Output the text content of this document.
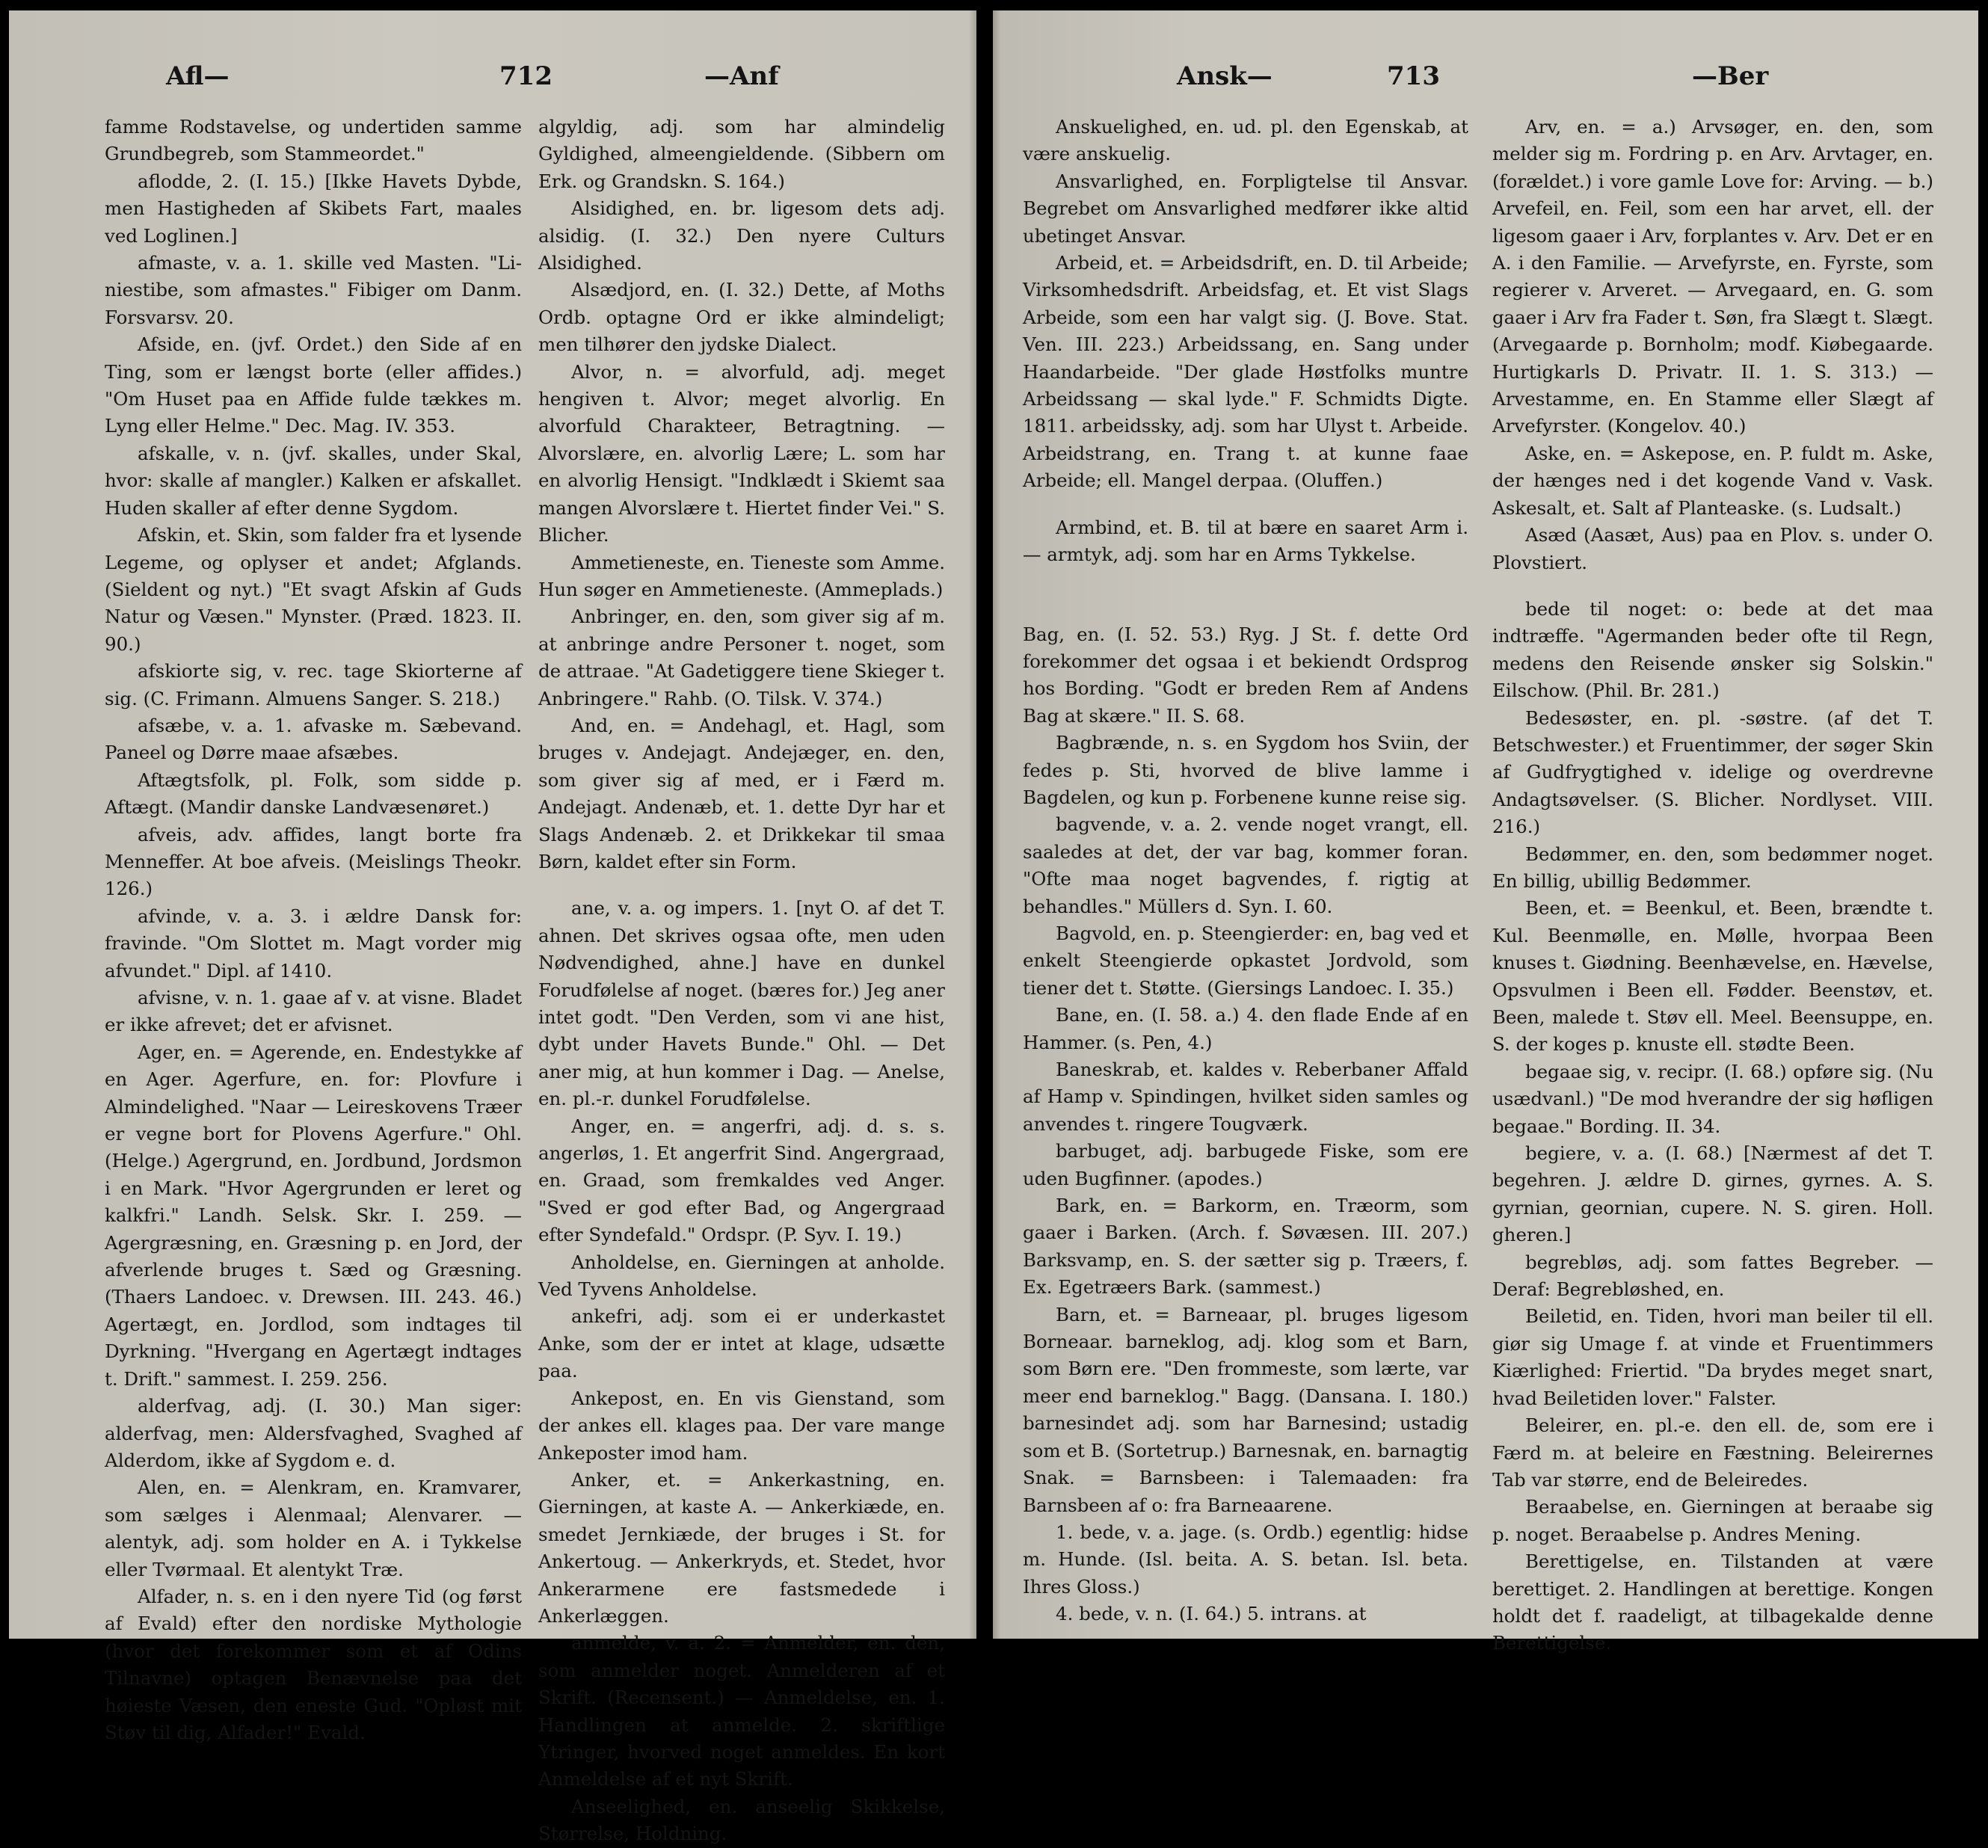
Afl—	712	—Anf

famme Rodstavelse, og undertiden samme Grundbegreb, som Stammeordet."

aflodde, 2. (I. 15.) [Ikke Havets Dybde, men Hastigheden af Skibets Fart, maales ved Loglinen.]

afmaste, v. a. 1. skille ved Masten. "Li-niestibe, som afmastes." Fibiger om Danm. Forsvarsv. 20.

Afside, en. (jvf. Ordet.) den Side af en Ting, som er længst borte (eller affides.) "Om Huset paa en Affide fulde tækkes m. Lyng eller Helme." Dec. Mag. IV. 353.

afskalle, v. n. (jvf. skalles, under Skal, hvor: skalle af mangler.) Kalken er afskallet. Huden skaller af efter denne Sygdom.

Afskin, et. Skin, som falder fra et lysende Legeme, og oplyser et andet; Afglands. (Sieldent og nyt.) "Et svagt Afskin af Guds Natur og Væsen." Mynster. (Præd. 1823. II. 90.)

afskiorte sig, v. rec. tage Skiorterne af sig. (C. Frimann. Almuens Sanger. S. 218.)

afsæbe, v. a. 1. afvaske m. Sæbevand. Paneel og Dørre maae afsæbes.

Aftægtsfolk, pl. Folk, som sidde p. Aftægt. (Mandir danske Landvæsenøret.)

afveis, adv. affides, langt borte fra Menneffer. At boe afveis. (Meislings Theokr. 126.)

afvinde, v. a. 3. i ældre Dansk for: fravinde. "Om Slottet m. Magt vorder mig afvundet." Dipl. af 1410.

afvisne, v. n. 1. gaae af v. at visne. Bladet er ikke afrevet; det er afvisnet.

Ager, en. = Agerende, en. Endestykke af en Ager. Agerfure, en. for: Plovfure i Almindelighed. "Naar — Leireskovens Træer er vegne bort for Plovens Agerfure." Ohl. (Helge.) Agergrund, en. Jordbund, Jordsmon i en Mark. "Hvor Agergrunden er leret og kalkfri." Landh. Selsk. Skr. I. 259. — Agergræsning, en. Græsning p. en Jord, der afverlende bruges t. Sæd og Græsning. (Thaers Landoec. v. Drewsen. III. 243. 46.) Agertægt, en. Jordlod, som indtages til Dyrkning. "Hvergang en Agertægt indtages t. Drift." sammest. I. 259. 256.

alderfvag, adj. (I. 30.) Man siger: alderfvag, men: Aldersfvaghed, Svaghed af Alderdom, ikke af Sygdom e. d.

Alen, en. = Alenkram, en. Kramvarer, som sælges i Alenmaal; Alenvarer. — alentyk, adj. som holder en A. i Tykkelse eller Tvørmaal. Et alentykt Træ.

Alfader, n. s. en i den nyere Tid (og først af Evald) efter den nordiske Mythologie (hvor det forekommer som et af Odins Tilnavne) optagen Benævnelse paa det høieste Væsen, den eneste Gud. "Opløst mit Støv til dig, Alfader!" Evald.

algyldig, adj. som har almindelig Gyldighed, almeengieldende. (Sibbern om Erk. og Grandskn. S. 164.)

Alsidighed, en. br. ligesom dets adj. alsidig. (I. 32.) Den nyere Culturs Alsidighed.

Alsædjord, en. (I. 32.) Dette, af Moths Ordb. optagne Ord er ikke almindeligt; men tilhører den jydske Dialect.

Alvor, n. = alvorfuld, adj. meget hengiven t. Alvor; meget alvorlig. En alvorfuld Charakteer, Betragtning. — Alvorslære, en. alvorlig Lære; L. som har en alvorlig Hensigt. "Indklædt i Skiemt saa mangen Alvorslære t. Hiertet finder Vei." S. Blicher.

Ammetieneste, en. Tieneste som Amme. Hun søger en Ammetieneste. (Ammeplads.)

Anbringer, en. den, som giver sig af m. at anbringe andre Personer t. noget, som de attraae. "At Gadetiggere tiene Skieger t. Anbringere." Rahb. (O. Tilsk. V. 374.)

And, en. = Andehagl, et. Hagl, som bruges v. Andejagt. Andejæger, en. den, som giver sig af med, er i Færd m. Andejagt. Andenæb, et. 1. dette Dyr har et Slags Andenæb. 2. et Drikkekar til smaa Børn, kaldet efter sin Form.

ane, v. a. og impers. 1. [nyt O. af det T. ahnen. Det skrives ogsaa ofte, men uden Nødvendighed, ahne.] have en dunkel Forudfølelse af noget. (bæres for.) Jeg aner intet godt. "Den Verden, som vi ane hist, dybt under Havets Bunde." Ohl. — Det aner mig, at hun kommer i Dag. — Anelse, en. pl.-r. dunkel Forudfølelse.

Anger, en. = angerfri, adj. d. s. s. angerløs, 1. Et angerfrit Sind. Angergraad, en. Graad, som fremkaldes ved Anger. "Sved er god efter Bad, og Angergraad efter Syndefald." Ordspr. (P. Syv. I. 19.)

Anholdelse, en. Gierningen at anholde. Ved Tyvens Anholdelse.

ankefri, adj. som ei er underkastet Anke, som der er intet at klage, udsætte paa.

Ankepost, en. En vis Gienstand, som der ankes ell. klages paa. Der vare mange Ankeposter imod ham.

Anker, et. = Ankerkastning, en. Gierningen, at kaste A. — Ankerkiæde, en. smedet Jernkiæde, der bruges i St. for Ankertoug. — Ankerkryds, et. Stedet, hvor Ankerarmene ere fastsmedede i Ankerlæggen.

anmelde, v. a. 2. = Anmelder, en. den, som anmelder noget. Anmelderen af et Skrift. (Recensent.) — Anmeldelse, en. 1. Handlingen at anmelde. 2. skriftlige Ytringer, hvorved noget anmeldes. En kort Anmeldelse af et nyt Skrift.

Anseelighed, en. anseelig Skikkelse, Størrelse, Holdning.

Ansk—	713	—Ber

Anskuelighed, en. ud. pl. den Egenskab, at være anskuelig.

Ansvarlighed, en. Forpligtelse til Ansvar. Begrebet om Ansvarlighed medfører ikke altid ubetinget Ansvar.

Arbeid, et. = Arbeidsdrift, en. D. til Arbeide; Virksomhedsdrift. Arbeidsfag, et. Et vist Slags Arbeide, som een har valgt sig. (J. Bove. Stat. Ven. III. 223.) Arbeidssang, en. Sang under Haandarbeide. "Der glade Høstfolks muntre Arbeidssang — skal lyde." F. Schmidts Digte. 1811. arbeidssky, adj. som har Ulyst t. Arbeide. Arbeidstrang, en. Trang t. at kunne faae Arbeide; ell. Mangel derpaa. (Oluffen.)

Armbind, et. B. til at bære en saaret Arm i. — armtyk, adj. som har en Arms Tykkelse.

Bag, en. (I. 52. 53.) Ryg. J St. f. dette Ord forekommer det ogsaa i et bekiendt Ordsprog hos Bording. "Godt er breden Rem af Andens Bag at skære." II. S. 68.

Bagbrænde, n. s. en Sygdom hos Sviin, der fedes p. Sti, hvorved de blive lamme i Bagdelen, og kun p. Forbenene kunne reise sig.

bagvende, v. a. 2. vende noget vrangt, ell. saaledes at det, der var bag, kommer foran. "Ofte maa noget bagvendes, f. rigtig at behandles." Müllers d. Syn. I. 60.

Bagvold, en. p. Steengierder: en, bag ved et enkelt Steengierde opkastet Jordvold, som tiener det t. Støtte. (Giersings Landoec. I. 35.)

Bane, en. (I. 58. a.) 4. den flade Ende af en Hammer. (s. Pen, 4.)

Baneskrab, et. kaldes v. Reberbaner Affald af Hamp v. Spindingen, hvilket siden samles og anvendes t. ringere Tougværk.

barbuget, adj. barbugede Fiske, som ere uden Bugfinner. (apodes.)

Bark, en. = Barkorm, en. Træorm, som gaaer i Barken. (Arch. f. Søvæsen. III. 207.) Barksvamp, en. S. der sætter sig p. Træers, f. Ex. Egetræers Bark. (sammest.)

Barn, et. = Barneaar, pl. bruges ligesom Borneaar. barneklog, adj. klog som et Barn, som Børn ere. "Den frommeste, som lærte, var meer end barneklog." Bagg. (Dansana. I. 180.) barnesindet adj. som har Barnesind; ustadig som et B. (Sortetrup.) Barnesnak, en. barnagtig Snak. = Barnsbeen: i Talemaaden: fra Barnsbeen af o: fra Barneaarene.

1. bede, v. a. jage. (s. Ordb.) egentlig: hidse m. Hunde. (Isl. beita. A. S. betan. Isl. beta. Ihres Gloss.)

4. bede, v. n. (I. 64.) 5. intrans. at

Arv, en. = a.) Arvsøger, en. den, som melder sig m. Fordring p. en Arv. Arvtager, en. (forældet.) i vore gamle Love for: Arving. — b.) Arvefeil, en. Feil, som een har arvet, ell. der ligesom gaaer i Arv, forplantes v. Arv. Det er en A. i den Familie. — Arvefyrste, en. Fyrste, som regierer v. Arveret. — Arvegaard, en. G. som gaaer i Arv fra Fader t. Søn, fra Slægt t. Slægt. (Arvegaarde p. Bornholm; modf. Kiøbegaarde. Hurtigkarls D. Privatr. II. 1. S. 313.) — Arvestamme, en. En Stamme eller Slægt af Arvefyrster. (Kongelov. 40.)

Aske, en. = Askepose, en. P. fuldt m. Aske, der hænges ned i det kogende Vand v. Vask. Askesalt, et. Salt af Planteaske. (s. Ludsalt.)

Asæd (Aasæt, Aus) paa en Plov. s. under O. Plovstiert.

bede til noget: o: bede at det maa indtræffe. "Agermanden beder ofte til Regn, medens den Reisende ønsker sig Solskin." Eilschow. (Phil. Br. 281.)

Bedesøster, en. pl. -søstre. (af det T. Betschwester.) et Fruentimmer, der søger Skin af Gudfrygtighed v. idelige og overdrevne Andagtsøvelser. (S. Blicher. Nordlyset. VIII. 216.)

Bedømmer, en. den, som bedømmer noget. En billig, ubillig Bedømmer.

Been, et. = Beenkul, et. Been, brændte t. Kul. Beenmølle, en. Mølle, hvorpaa Been knuses t. Giødning. Beenhævelse, en. Hævelse, Opsvulmen i Been ell. Fødder. Beenstøv, et. Been, malede t. Støv ell. Meel. Beensuppe, en. S. der koges p. knuste ell. stødte Been.

begaae sig, v. recipr. (I. 68.) opføre sig. (Nu usædvanl.) "De mod hverandre der sig høfligen begaae." Bording. II. 34.

begiere, v. a. (I. 68.) [Nærmest af det T. begehren. J. ældre D. girnes, gyrnes. A. S. gyrnian, geornian, cupere. N. S. giren. Holl. gheren.]

begrebløs, adj. som fattes Begreber. — Deraf: Begrebløshed, en.

Beiletid, en. Tiden, hvori man beiler til ell. giør sig Umage f. at vinde et Fruentimmers Kiærlighed: Friertid. "Da brydes meget snart, hvad Beiletiden lover." Falster.

Beleirer, en. pl.-e. den ell. de, som ere i Færd m. at beleire en Fæstning. Beleirernes Tab var større, end de Beleiredes.

Beraabelse, en. Gierningen at beraabe sig p. noget. Beraabelse p. Andres Mening.

Berettigelse, en. Tilstanden at være berettiget. 2. Handlingen at berettige. Kongen holdt det f. raadeligt, at tilbagekalde denne Berettigelse.
